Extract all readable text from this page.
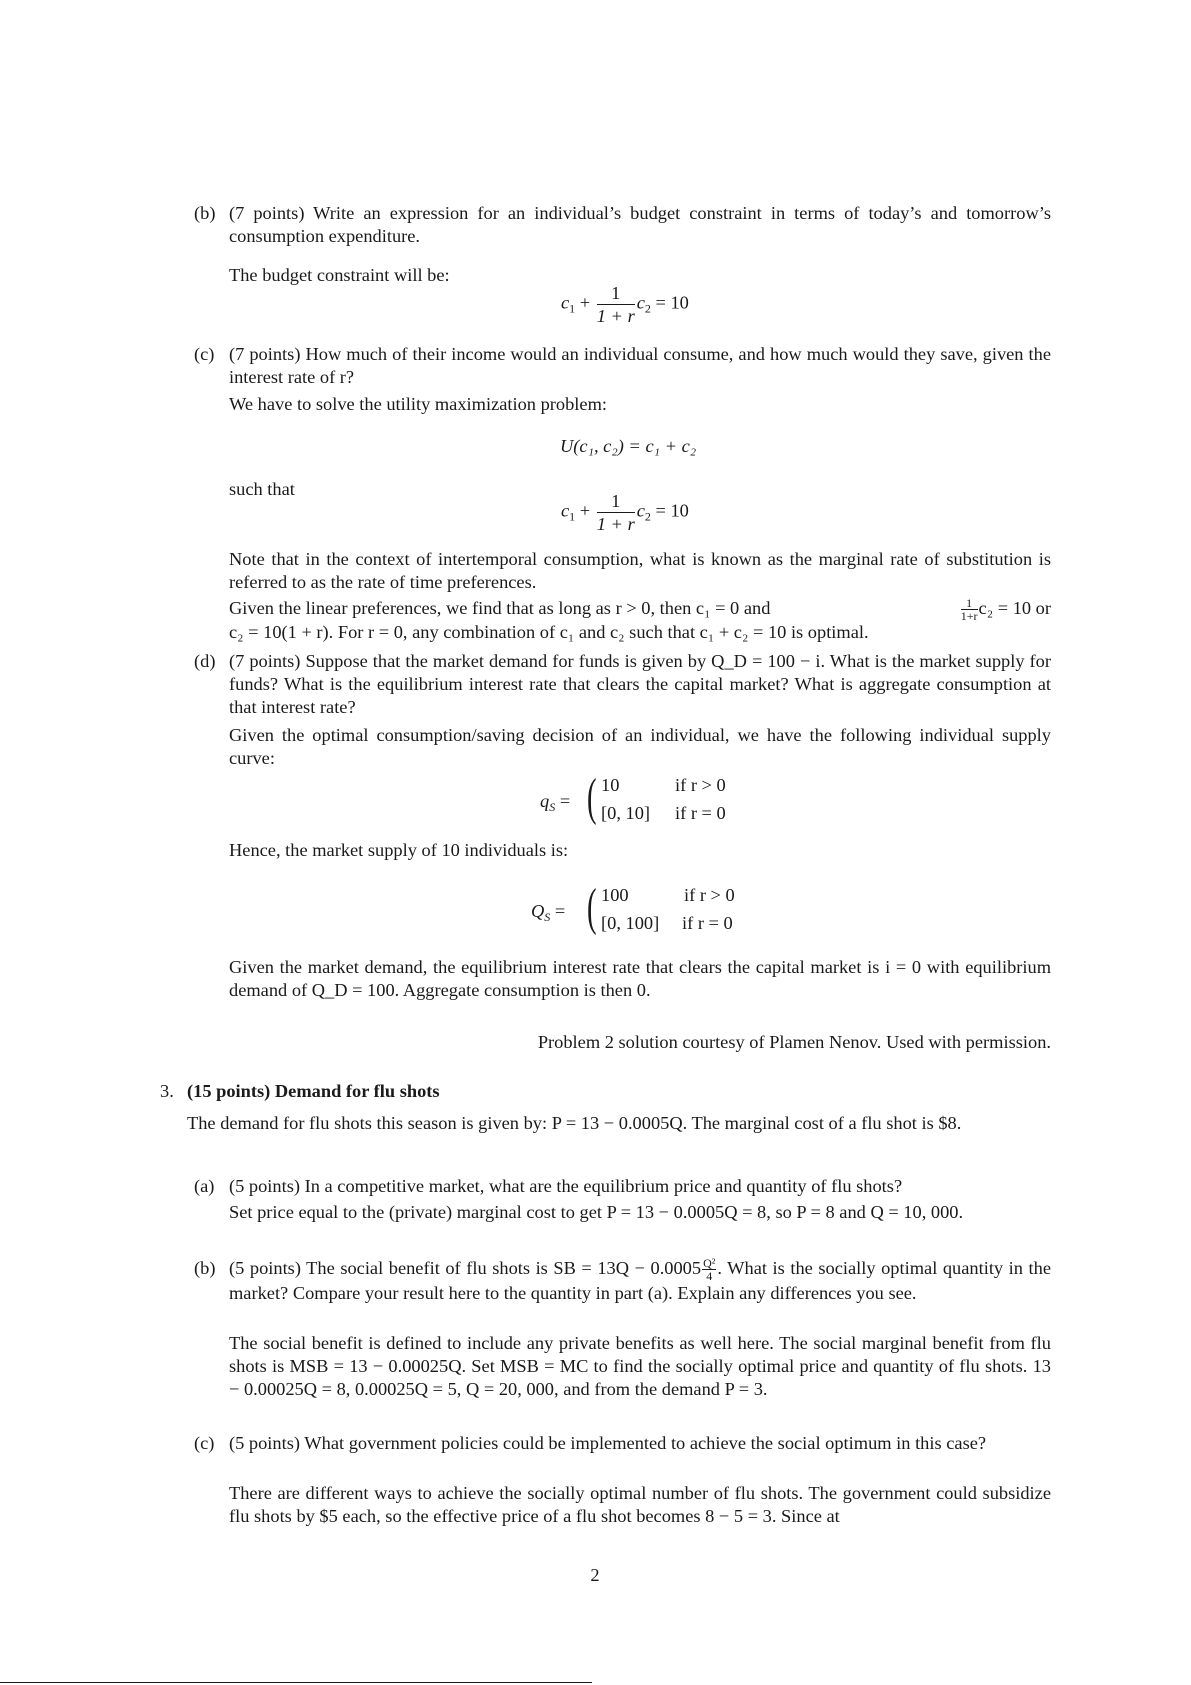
(b) (7 points) Write an expression for an individual’s budget constraint in terms of today’s and tomorrow’s consumption expenditure.
The budget constraint will be:
$c_1 + \frac{1}{1 + r} c_2 = 10$
(c) (7 points) How much of their income would an individual consume, and how much would they save, given the interest rate of r?
We have to solve the utility maximization problem:
U(c₁, c₂) = c₁ + c₂
such that
$c_1 + \frac{1}{1 + r} c_2 = 10$
Note that in the context of intertemporal consumption, what is known as the marginal rate of substitution is referred to as the rate of time preferences.
Given the linear preferences, we find that as long as r > 0, then c₁ = 0 and	$\frac{1}{1+r} c_2 = 10$ or
c₂ = 10(1 + r). For r = 0, any combination of c₁ and c₂ such that c₁ + c₂ = 10 is optimal.
(d) (7 points) Suppose that the market demand for funds is given by Q_D = 100 − i. What is the market supply for funds? What is the equilibrium interest rate that clears the capital market? What is aggregate consumption at that interest rate?
Given the optimal consumption/saving decision of an individual, we have the following individual supply curve:
$q_S$ = ( 10	if r > 0
[0, 10] if r = 0
Hence, the market supply of 10 individuals is:
$Q_S$ = ( 100	if r > 0
[0, 100] if r = 0
Given the market demand, the equilibrium interest rate that clears the capital market is i = 0 with equilibrium demand of Q_D = 100. Aggregate consumption is then 0.
Problem 2 solution courtesy of Plamen Nenov. Used with permission.
3. (15 points) Demand for flu shots
The demand for flu shots this season is given by: P = 13 − 0.0005Q. The marginal cost of a flu shot is $8.
(a) (5 points) In a competitive market, what are the equilibrium price and quantity of flu shots?
Set price equal to the (private) marginal cost to get P = 13 − 0.0005Q = 8, so P = 8 and Q = 10, 000.
(b) (5 points) The social benefit of flu shots is SB = $13Q - 0.0005 \frac{\text{Q²}}{4}$ . What is the socially optimal quantity in the market? Compare your result here to the quantity in part (a). Explain any differences you see.
The social benefit is defined to include any private benefits as well here. The social marginal benefit from flu shots is MSB = 13 − 0.00025Q. Set MSB = MC to find the socially optimal price and quantity of flu shots. 13 − 0.00025Q = 8, 0.00025Q = 5, Q = 20, 000, and from the demand P = 3.
(c) (5 points) What government policies could be implemented to achieve the social optimum in this case?
There are different ways to achieve the socially optimal number of flu shots. The government could subsidize flu shots by $5 each, so the effective price of a flu shot becomes 8 − 5 = 3. Since at
2
